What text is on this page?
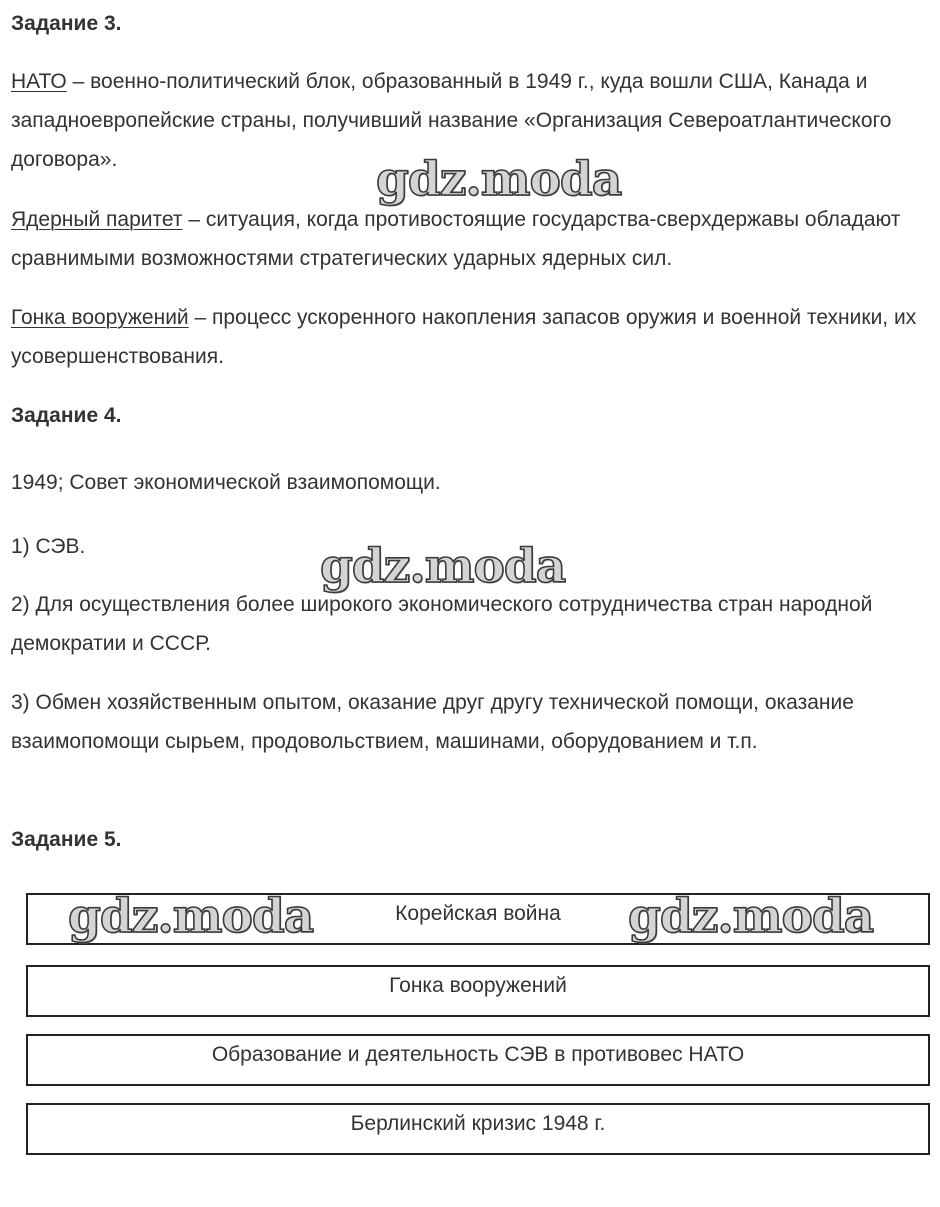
Задание 3.

НАТО – военно-политический блок, образованный в 1949 г., куда вошли США, Канада и западноевропейские страны, получивший название «Организация Североатлантического договора».

Ядерный паритет – ситуация, когда противостоящие государства-сверхдержавы обладают сравнимыми возможностями стратегических ударных ядерных сил.

Гонка вооружений – процесс ускоренного накопления запасов оружия и военной техники, их усовершенствования.

Задание 4.

1949; Совет экономической взаимопомощи.

1) СЭВ.

2) Для осуществления более широкого экономического сотрудничества стран народной демократии и СССР.

3) Обмен хозяйственным опытом, оказание друг другу технической помощи, оказание взаимопомощи сырьем, продовольствием, машинами, оборудованием и т.п.

Задание 5.

Корейская война
Гонка вооружений
Образование и деятельность СЭВ в противовес НАТО
Берлинский кризис 1948 г.
gdz.moda
gdz.moda
gdz.moda	gdz.moda
